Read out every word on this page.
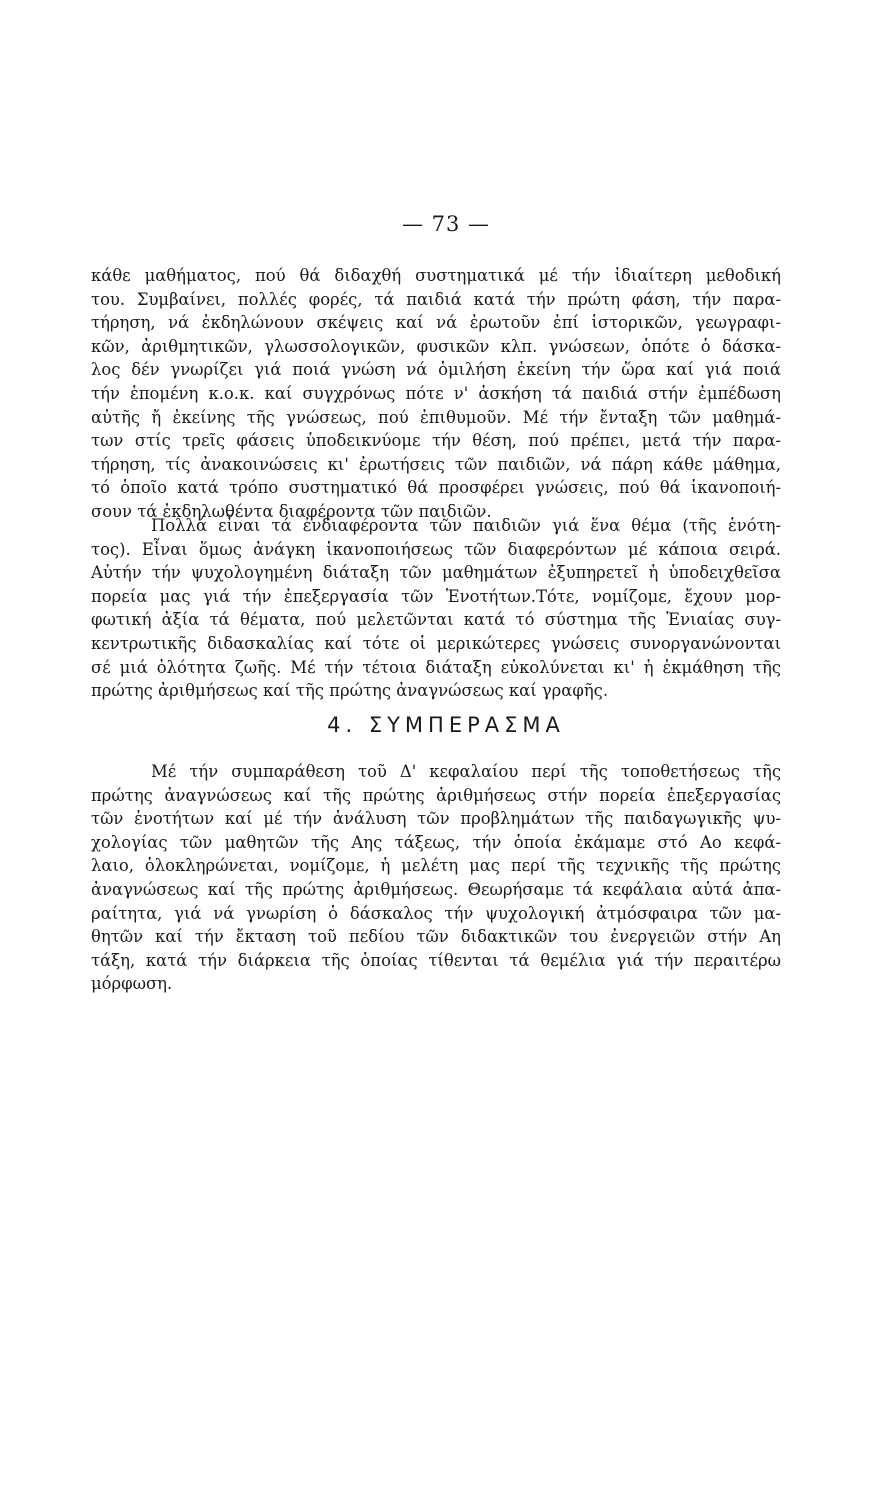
— 73 —
κάθε μαθήματος, πού θά διδαχθή συστηματικά μέ τήν ἰδιαίτερη μεθοδική
του. Συμβαίνει, πολλές φορές, τά παιδιά κατά τήν πρώτη φάση, τήν παρα-
τήρηση, νά ἐκδηλώνουν σκέψεις καί νά ἐρωτοῦν ἐπί ἱστορικῶν, γεωγραφι-
κῶν, ἀριθμητικῶν, γλωσσολογικῶν, φυσικῶν κλπ. γνώσεων, ὁπότε ὁ δάσκα-
λος δέν γνωρίζει γιά ποιά γνώση νά ὁμιλήση ἐκείνη τήν ὥρα καί γιά ποιά
τήν ἑπομένη κ.ο.κ. καί συγχρόνως πότε ν' ἀσκήση τά παιδιά στήν ἐμπέδωση
αὐτῆς ἤ ἐκείνης τῆς γνώσεως, πού ἐπιθυμοῦν. Μέ τήν ἔνταξη τῶν μαθημά-
των στίς τρεῖς φάσεις ὑποδεικνύομε τήν θέση, πού πρέπει, μετά τήν παρα-
τήρηση, τίς ἀνακοινώσεις κι' ἐρωτήσεις τῶν παιδιῶν, νά πάρη κάθε μάθημα,
τό ὁποῖο κατά τρόπο συστηματικό θά προσφέρει γνώσεις, πού θά ἱκανοποιή-
σουν τά ἐκδηλωθέντα διαφέροντα τῶν παιδιῶν.
Πολλά εἶναι τά ἐνδιαφέροντα τῶν παιδιῶν γιά ἕνα θέμα (τῆς ἑνότη-
τος). Εἶναι ὅμως ἀνάγκη ἱκανοποιήσεως τῶν διαφερόντων μέ κάποια σειρά.
Αὐτήν τήν ψυχολογημένη διάταξη τῶν μαθημάτων ἐξυπηρετεῖ ἡ ὑποδειχθεῖσα
πορεία μας γιά τήν ἐπεξεργασία τῶν Ἑνοτήτων.Τότε, νομίζομε, ἔχουν μορ-
φωτική ἀξία τά θέματα, πού μελετῶνται κατά τό σύστημα τῆς Ἑνιαίας συγ-
κεντρωτικῆς διδασκαλίας καί τότε οἱ μερικώτερες γνώσεις συνοργανώνονται
σέ μιά ὁλότητα ζωῆς. Μέ τήν τέτοια διάταξη εὐκολύνεται κι' ἡ ἐκμάθηση τῆς
πρώτης ἀριθμήσεως καί τῆς πρώτης ἀναγνώσεως καί γραφῆς.
4. ΣΥΜΠΕΡΑΣΜΑ
Μέ τήν συμπαράθεση τοῦ Δ' κεφαλαίου περί τῆς τοποθετήσεως τῆς
πρώτης ἀναγνώσεως καί τῆς πρώτης ἀριθμήσεως στήν πορεία ἐπεξεργασίας
τῶν ἑνοτήτων καί μέ τήν ἀνάλυση τῶν προβλημάτων τῆς παιδαγωγικῆς ψυ-
χολογίας τῶν μαθητῶν τῆς Αης τάξεως, τήν ὁποία ἐκάμαμε στό Αο κεφά-
λαιο, ὁλοκληρώνεται, νομίζομε, ἡ μελέτη μας περί τῆς τεχνικῆς τῆς πρώτης
ἀναγνώσεως καί τῆς πρώτης ἀριθμήσεως. Θεωρήσαμε τά κεφάλαια αὐτά ἀπα-
ραίτητα, γιά νά γνωρίση ὁ δάσκαλος τήν ψυχολογική ἀτμόσφαιρα τῶν μα-
θητῶν καί τήν ἔκταση τοῦ πεδίου τῶν διδακτικῶν του ἐνεργειῶν στήν Αη
τάξη, κατά τήν διάρκεια τῆς ὁποίας τίθενται τά θεμέλια γιά τήν περαιτέρω
μόρφωση.
